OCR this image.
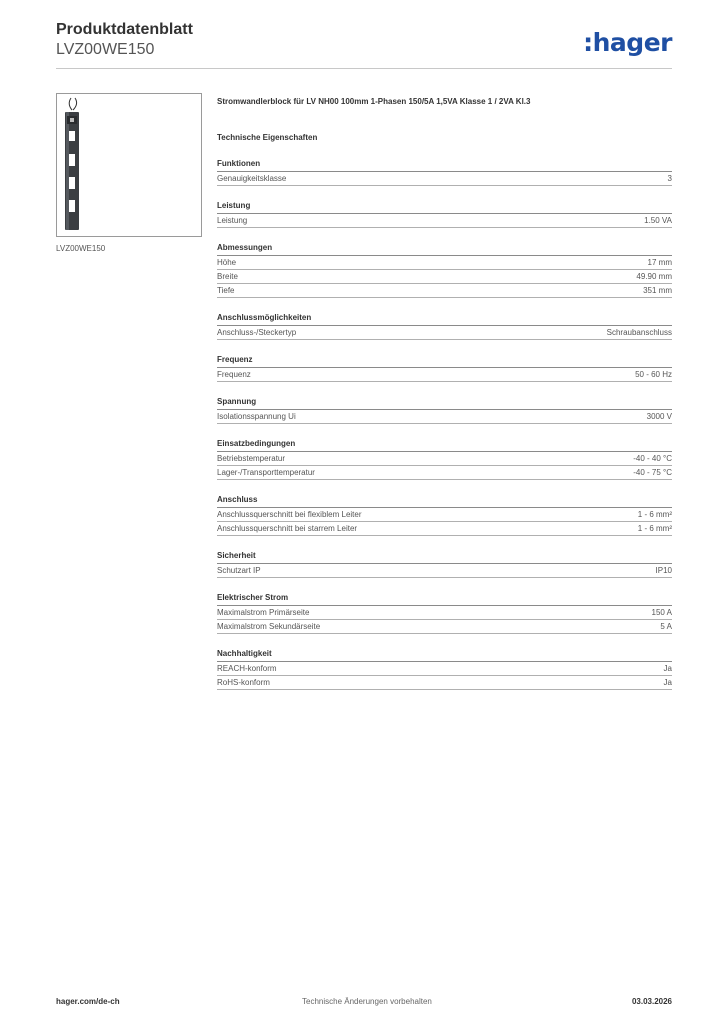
Produktdatenblatt
LVZ00WE150	:hager
LVZ00WE150
Stromwandlerblock für LV NH00 100mm 1-Phasen 150/5A 1,5VA Klasse 1 / 2VA Kl.3
Technische Eigenschaften
Funktionen
Genauigkeitsklasse	3
Leistung
Leistung	1.50 VA
Abmessungen
Höhe	17 mm
Breite	49.90 mm
Tiefe	351 mm
Anschlussmöglichkeiten
Anschluss-/Steckertyp	Schraubanschluss
Frequenz
Frequenz	50 - 60 Hz
Spannung
Isolationsspannung Ui	3000 V
Einsatzbedingungen
Betriebstemperatur	-40 - 40 °C
Lager-/Transporttemperatur	-40 - 75 °C
Anschluss
Anschlussquerschnitt bei flexiblem Leiter	1 - 6 mm²
Anschlussquerschnitt bei starrem Leiter	1 - 6 mm²
Sicherheit
Schutzart IP	IP10
Elektrischer Strom
Maximalstrom Primärseite	150 A
Maximalstrom Sekundärseite	5 A
Nachhaltigkeit
REACH-konform	Ja
RoHS-konform	Ja
hager.com/de-ch	Technische Änderungen vorbehalten	03.03.2026
